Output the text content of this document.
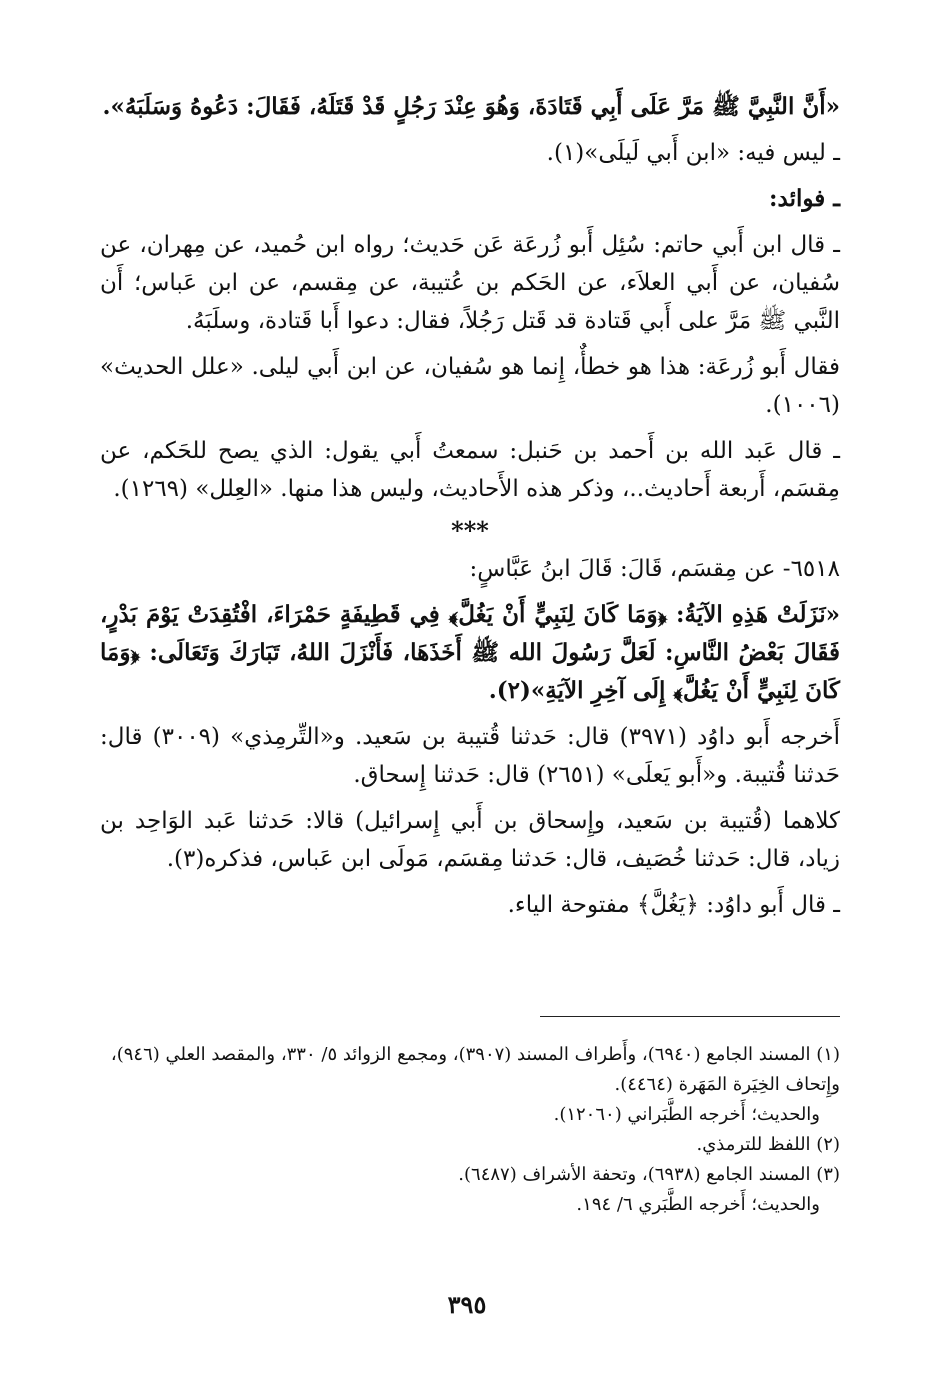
«أَنَّ النَّبِيَّ ﷺ مَرَّ عَلَى أَبِي قَتَادَةَ، وَهُوَ عِنْدَ رَجُلٍ قَدْ قَتَلَهُ، فَقَالَ: دَعُوهُ وَسَلَبَهُ».

ـ ليس فيه: «ابن أَبي لَيلَى»(١).

ـ فوائد:

ـ قال ابن أَبي حاتم: سُئِل أَبو زُرعَة عَن حَديث؛ رواه ابن حُميد، عن مِهران، عن سُفيان، عن أَبي العلاَء، عن الحَكم بن عُتيبة، عن مِقسم، عن ابن عَباس؛ أَن النَّبي ﷺ مَرَّ على أَبي قَتادة قد قَتل رَجُلاً، فقال: دعوا أَبا قَتادة، وسلَبَهُ.

فقال أَبو زُرعَة: هذا هو خطأٌ، إِنما هو سُفيان، عن ابن أَبي ليلى. «علل الحديث» (١٠٠٦).

ـ قال عَبد الله بن أَحمد بن حَنبل: سمعتُ أَبي يقول: الذي يصح للحَكم، عن مِقسَم، أَربعة أَحاديث..، وذكر هذه الأَحاديث، وليس هذا منها. «العِلل» (١٢٦٩).

***

٦٥١٨- عن مِقسَم، قَالَ: قَالَ ابنُ عَبَّاسٍ:

«نَزَلَتْ هَذِهِ الآيَةُ: ﴿وَمَا كَانَ لِنَبِيٍّ أَنْ يَغُلَّ﴾ فِي قَطِيفَةٍ حَمْرَاءَ، افْتُقِدَتْ يَوْمَ بَدْرٍ، فَقَالَ بَعْضُ النَّاسِ: لَعَلَّ رَسُولَ الله ﷺ أَخَذَهَا، فَأَنْزَلَ اللهُ، تَبَارَكَ وَتَعَالَى: ﴿وَمَا كَانَ لِنَبِيٍّ أَنْ يَغُلَّ﴾ إِلَى آخِرِ الآيَةِ»(٢).

أَخرجه أَبو داوُد (٣٩٧١) قال: حَدثنا قُتيبة بن سَعيد. و«التِّرمِذي» (٣٠٠٩) قال: حَدثنا قُتيبة. و«أَبو يَعلَى» (٢٦٥١) قال: حَدثنا إِسحاق.

كلاهما (قُتيبة بن سَعيد، وإِسحاق بن أَبي إِسرائيل) قالا: حَدثنا عَبد الوَاحِد بن زياد، قال: حَدثنا خُصَيف، قال: حَدثنا مِقسَم، مَولَى ابن عَباس، فذكره(٣).

ـ قال أَبو داوُد: ﴿يَغُلَّ﴾ مفتوحة الياء.

(١) المسند الجامع (٦٩٤٠)، وأَطراف المسند (٣٩٠٧)، ومجمع الزوائد ٥/ ٣٣٠، والمقصد العلي (٩٤٦)، وإِتحاف الخِيَرة المَهَرة (٤٤٦٤).

والحديث؛ أَخرجه الطَّبَراني (١٢٠٦٠).

(٢) اللفظ للترمذي.

(٣) المسند الجامع (٦٩٣٨)، وتحفة الأشراف (٦٤٨٧).

والحديث؛ أَخرجه الطَّبَري ٦/ ١٩٤.

٣٩٥
